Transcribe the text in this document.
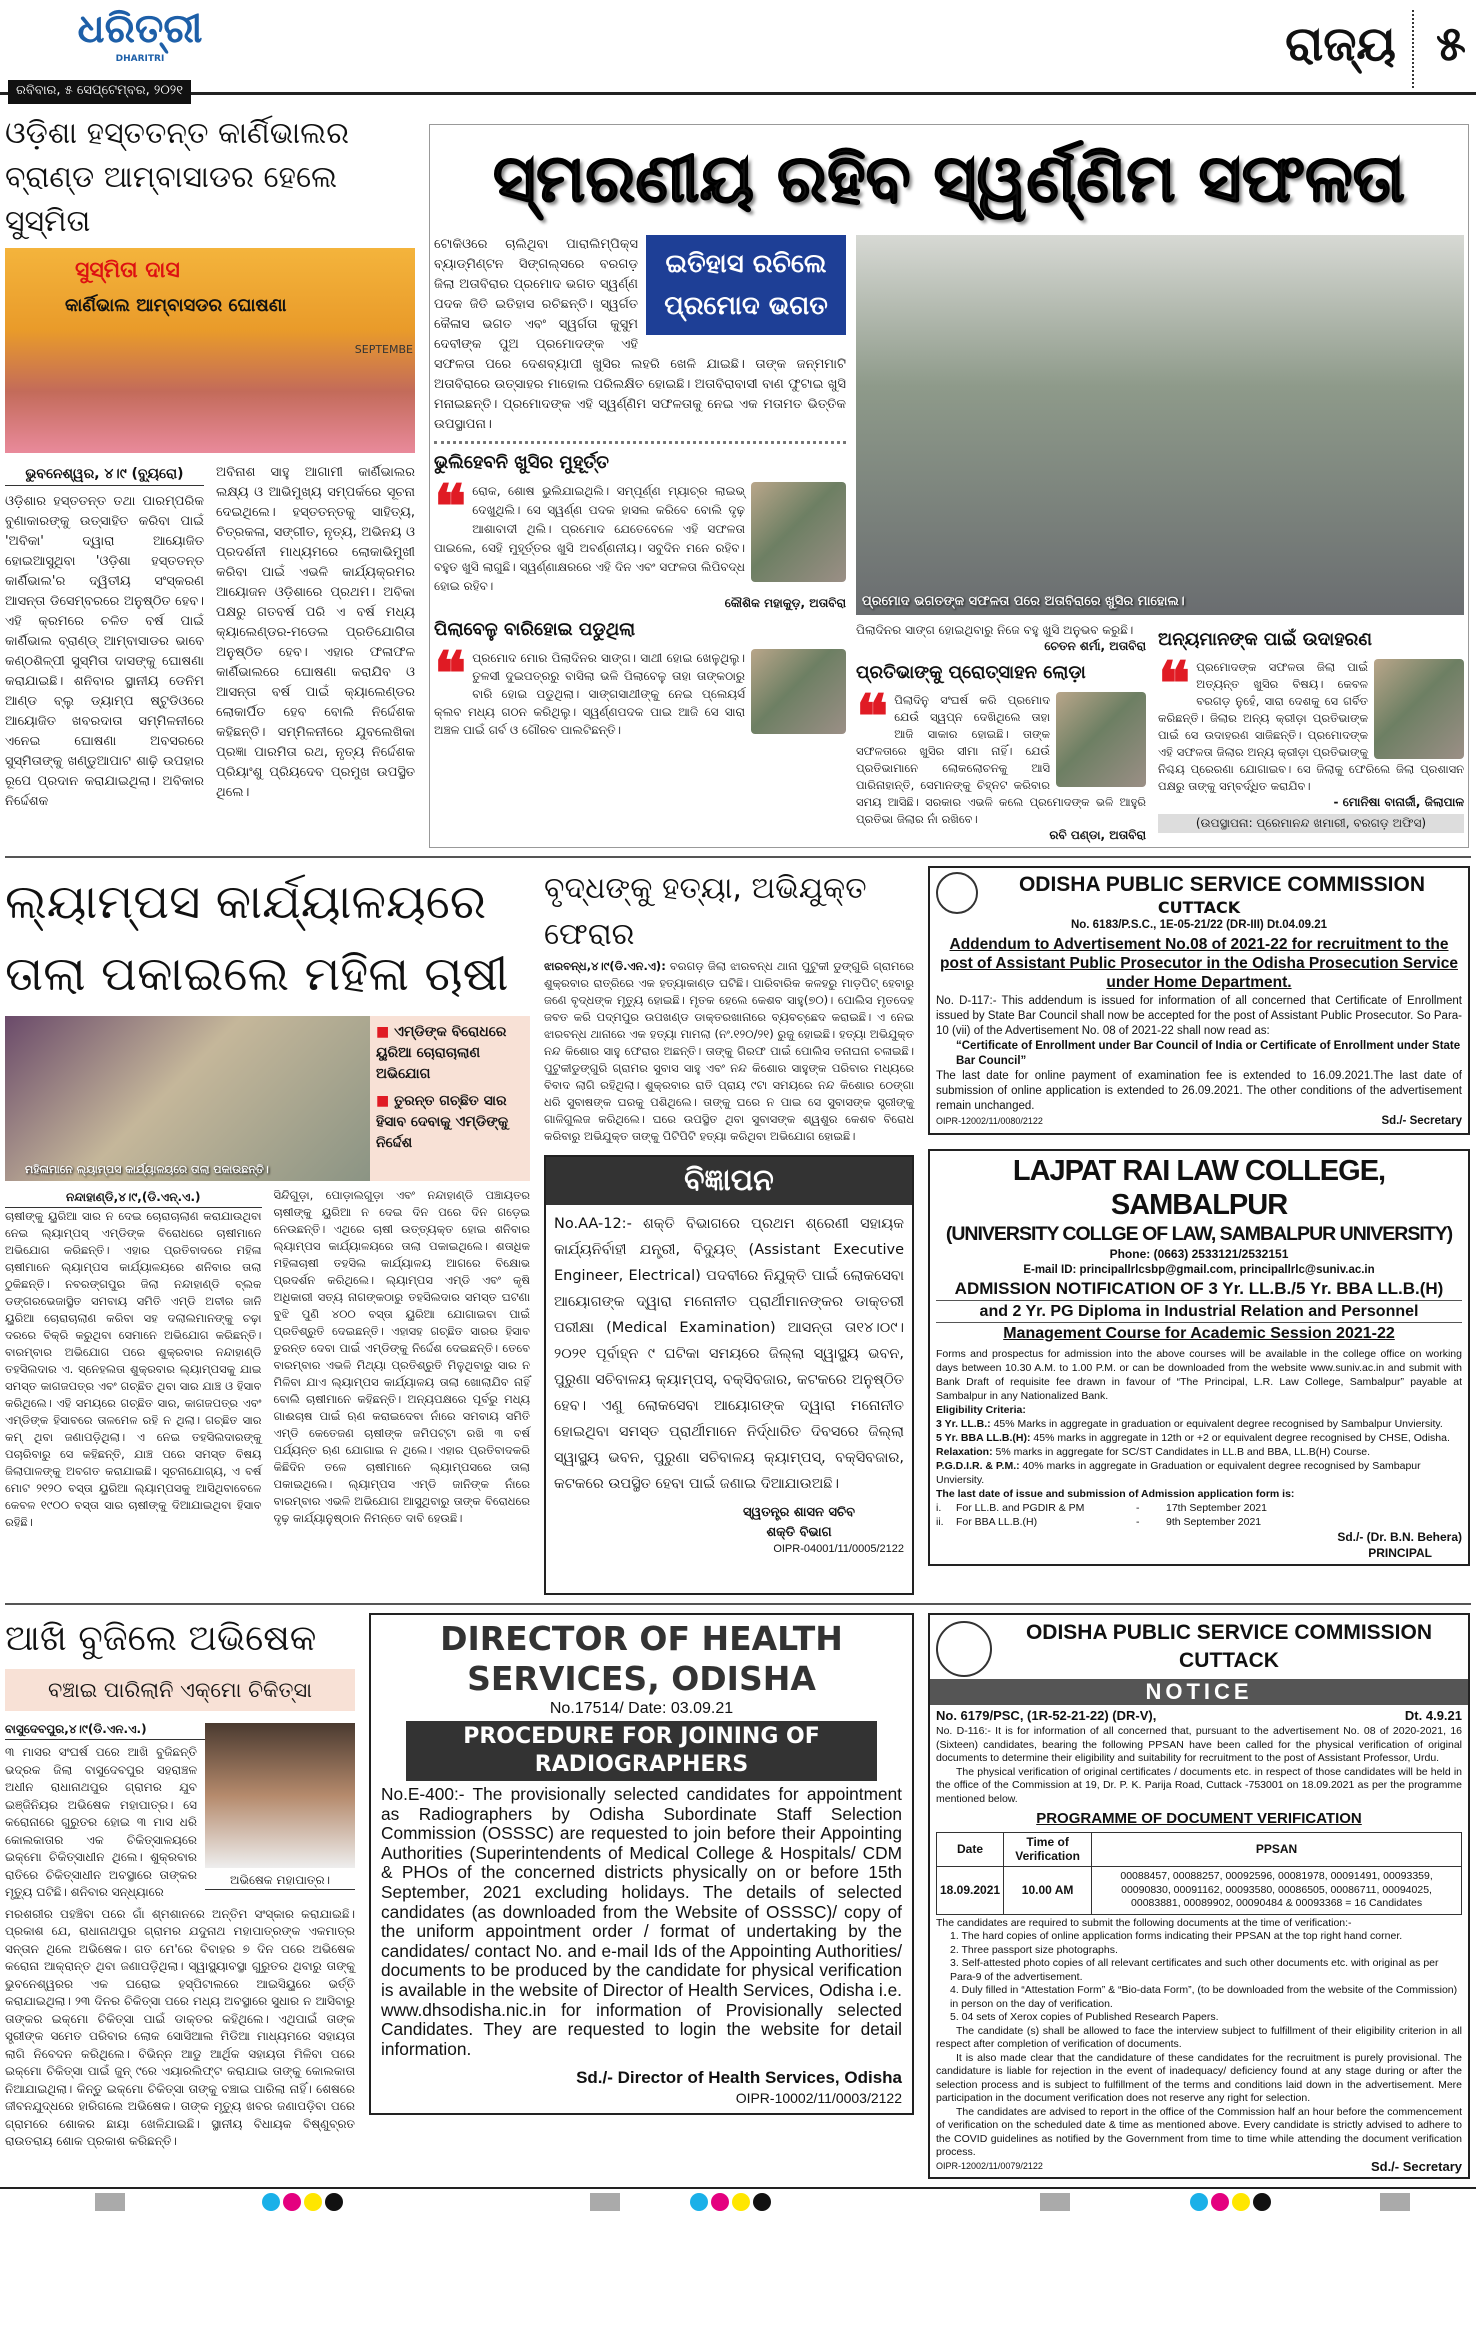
ଧରିତ୍ରୀ
DHARITRI
ରବିବାର, ୫ ସେପ୍ଟେମ୍ବର, ୨୦୨୧
ରାଜ୍ୟ ୫
ଓଡ଼ିଶା ହସ୍ତତନ୍ତ କାର୍ଣିଭାଲର ବ୍ରାଣ୍ଡ ଆମ୍ବାସାଡର ହେଲେ ସୁସ୍ମିତା
ସୁସ୍ମିତା ଦାସ
କାର୍ଣିଭାଲ ଆମ୍ବାସଡର ଘୋଷଣା
SEPTEMBE
ଭୁବନେଶ୍ୱର, ୪।୯ (ବ୍ୟୁରୋ)
ଓଡ଼ିଶାର ହସ୍ତତନ୍ତ ତଥା ପାରମ୍ପରିକ ବୁଣାକାରଙ୍କୁ ଉତ୍ସାହିତ କରିବା ପାଇଁ 'ଅବିକା' ଦ୍ୱାରା ଆୟୋଜିତ ହୋଇଆସୁଥିବା 'ଓଡ଼ିଶା ହସ୍ତତନ୍ତ କାର୍ଣିଭାଲ'ର ଦ୍ୱିତୀୟ ସଂସ୍କରଣ ଆସନ୍ତା ଡିସେମ୍ବରରେ ଅନୁଷ୍ଠିତ ହେବ। ଏହି କ୍ରମରେ ଚଳିତ ବର୍ଷ ପାଇଁ କାର୍ଣିଭାଲ ବ୍ରାଣ୍ଡ୍ ଆମ୍ବାସାଡର ଭାବେ କଣ୍ଠଶିଳ୍ପୀ ସୁସ୍ମିତା ଦାସଙ୍କୁ ଘୋଷଣା କରାଯାଇଛି। ଶନିବାର ସ୍ଥାନୀୟ ଡେନିମ ଆଣ୍ଡ ବ୍ଲୁ ଡ୍ୟାମ୍ପ ଷ୍ଟୁଡିଓରେ ଆୟୋଜିତ ଖବରଦାତା ସମ୍ମିଳନୀରେ ଏନେଇ ଘୋଷଣା ଅବସରରେ ସୁସ୍ମିତାଙ୍କୁ ଖଣ୍ଡୁଆପାଟ ଶାଢ଼ି ଉପହାର ରୂପେ ପ୍ରଦାନ କରାଯାଇଥିଲା। ଅବିକାର ନିର୍ଦ୍ଦେଶକ
ଅବିନାଶ ସାହୁ ଆଗାମୀ କାର୍ଣିଭାଲର ଲକ୍ଷ୍ୟ ଓ ଆଭିମୁଖ୍ୟ ସମ୍ପର୍କରେ ସୂଚନା ଦେଇଥିଲେ। ହସ୍ତତନ୍ତକୁ ସାହିତ୍ୟ, ଚିତ୍ରକଳା, ସଙ୍ଗୀତ, ନୃତ୍ୟ, ଅଭିନୟ ଓ ପ୍ରଦର୍ଶନୀ ମାଧ୍ୟମରେ ଲୋକାଭିମୁଖୀ କରିବା ପାଇଁ ଏଭଳି କାର୍ଯ୍ୟକ୍ରମର ଆୟୋଜନ ଓଡ଼ିଶାରେ ପ୍ରଥମ। ଅବିକା ପକ୍ଷରୁ ଗତବର୍ଷ ପରି ଏ ବର୍ଷ ମଧ୍ୟ କ୍ୟାଲେଣ୍ଡର-ମଡେଲ ପ୍ରତିଯୋଗିତା ଅନୁଷ୍ଠିତ ହେବ। ଏହାର ଫଳାଫଳ କାର୍ଣିଭାଲରେ ଘୋଷଣା କରାଯିବ ଓ ଆସନ୍ତା ବର୍ଷ ପାଇଁ କ୍ୟାଲେଣ୍ଡର ଲୋକାର୍ପିତ ହେବ ବୋଲି ନିର୍ଦ୍ଦେଶକ କହିଛନ୍ତି। ସମ୍ମିଳନୀରେ ଯୁବଲେଖିକା ପ୍ରଜ୍ଞା ପାରମିତା ରଥ, ନୃତ୍ୟ ନିର୍ଦ୍ଦେଶକ ପ୍ରିୟାଂଶୁ ପ୍ରିୟଦେବ ପ୍ରମୁଖ ଉପସ୍ଥିତ ଥିଲେ।
ସ୍ମରଣୀୟ ରହିବ ସ୍ୱର୍ଣ୍ଣିମ ସଫଳତା
ଇତିହାସ ରଚିଲେ ପ୍ରମୋଦ ଭଗତ
ଟୋକିଓରେ ଚାଲିଥିବା ପାରାଲିମ୍ପିକ୍ସ ବ୍ୟାଡ୍‌ମିଣ୍ଟନ ସିଙ୍ଗଲ୍ସରେ ବରଗଡ଼ ଜିଲା ଅତାବିରାର ପ୍ରମୋଦ ଭଗତ ସ୍ୱର୍ଣ୍ଣ ପଦକ ଜିତି ଇତିହାସ ରଚିଛନ୍ତି। ସ୍ୱର୍ଗତ କୈଳାସ ଭଗତ ଏବଂ ସ୍ୱର୍ଗତା କୁସୁମ ଦେବୀଙ୍କ ପୁଅ ପ୍ରମୋଦଙ୍କ ଏହି ସଫଳତା ପରେ ଦେଶବ୍ୟାପୀ ଖୁସିର ଲହରି ଖେଳି ଯାଇଛି। ତାଙ୍କ ଜନ୍ମମାଟି ଅତାବିରାରେ ଉତ୍ସାହର ମାହୋଲ ପରିଲକ୍ଷିତ ହୋଇଛି। ଅତାବିରାବାସୀ ବାଣ ଫୁଟାଇ ଖୁସି ମନାଇଛନ୍ତି। ପ୍ରମୋଦଙ୍କ ଏହି ସ୍ୱର୍ଣ୍ଣିମ ସଫଳତାକୁ ନେଇ ଏକ ମତାମତ ଭିତ୍ତିକ ଉପସ୍ଥାପନା।
ଭୁଲିହେବନି ଖୁସିର ମୁହୂର୍ତ୍ତ
❝ ରୋକ, ଶୋଷ ଭୁଲିଯାଇଥିଲି। ସମ୍ପୂର୍ଣ୍ଣ ମ୍ୟାଚ୍‌ର ଲାଇଭ୍ ଦେଖୁଥିଲି। ସେ ସ୍ୱର୍ଣ୍ଣ ପଦକ ହାସଲ କରିବେ ବୋଲି ଦୃଢ଼ ଆଶାବାଦୀ ଥିଲି। ପ୍ରମୋଦ ଯେତେବେଳେ ଏହି ସଫଳତା ପାଇଲେ, ସେହି ମୁହୂର୍ତ୍ତର ଖୁସି ଅବର୍ଣ୍ଣନୀୟ। ସବୁଦିନ ମନେ ରହିବ। ବହୁତ ଖୁସି ଲାଗୁଛି। ସ୍ୱର୍ଣ୍ଣାକ୍ଷରରେ ଏହି ଦିନ ଏବଂ ସଫଳତା ଲିପିବଦ୍ଧ ହୋଇ ରହିବ।
କୌଶିକ ମହାକୁଡ଼, ଅତାବିରା
ପିଲାବେଳୁ ବାରିହୋଇ ପଡୁଥିଲା
❝ ପ୍ରମୋଦ ମୋର ପିଲାଦିନର ସାଙ୍ଗ। ସାଥୀ ହୋଇ ଖେଳୁଥିଲୁ। ତୁଳସୀ ଦୁଇପତ୍ରରୁ ବାସିଲା ଭଳି ପିଲାବେଳୁ ତାହା ତାଙ୍କଠାରୁ ବାରି ହୋଇ ପଡୁଥିଲା। ସାଙ୍ଗସାଥୀଙ୍କୁ ନେଇ ପ୍ଲେୟର୍ସ କ୍ଲବ ମଧ୍ୟ ଗଠନ କରିଥିଲୁ। ସ୍ୱର୍ଣ୍ଣପଦକ ପାଇ ଆଜି ସେ ସାରା ଅଞ୍ଚଳ ପାଇଁ ଗର୍ବ ଓ ଗୌରବ ପାଲଟିଛନ୍ତି।
ପ୍ରମୋଦ ଭଗତଙ୍କ ସଫଳତା ପରେ ଅତାବିରାରେ ଖୁସିର ମାହୋଲ।
ପିଲାଦିନର ସାଙ୍ଗ ହୋଇଥିବାରୁ ନିଜେ ବହୁ ଖୁସି ଅନୁଭବ କରୁଛି।
ଚେତନ ଶର୍ମା, ଅତାବିରା
ପ୍ରତିଭାଙ୍କୁ ପ୍ରୋତ୍ସାହନ ଲୋଡ଼ା
❝ ପିଲାଦିନୁ ସଂଘର୍ଷ କରି ପ୍ରମୋଦ ଯେଉଁ ସ୍ୱପ୍ନ ଦେଖିଥିଲେ ତାହା ଆଜି ସାକାର ହୋଇଛି। ତାଙ୍କ ସଫଳତାରେ ଖୁସିର ସୀମା ନାହିଁ। ଯେଉଁ ପ୍ରତିଭାମାନେ ଲୋକଲୋଚନକୁ ଆସି ପାରିନାହାନ୍ତି, ସେମାନଙ୍କୁ ଚିହ୍ନଟ କରିବାର ସମୟ ଆସିଛି। ସରକାର ଏଭଳି କଲେ ପ୍ରମୋଦଙ୍କ ଭଳି ଆହୁରି ପ୍ରତିଭା ଜିଲାର ନାଁ ରଖିବେ।
ରବି ପଣ୍ଡା, ଅତାବିରା
ଅନ୍ୟମାନଙ୍କ ପାଇଁ ଉଦାହରଣ
❝ ପ୍ରମୋଦଙ୍କ ସଫଳତା ଜିଲା ପାଇଁ ଅତ୍ୟନ୍ତ ଖୁସିର ବିଷୟ। କେବଳ ବରଗଡ଼ ନୁହେଁ, ସାରା ଦେଶକୁ ସେ ଗର୍ବିତ କରିଛନ୍ତି। ଜିଲାର ଅନ୍ୟ କ୍ରୀଡ଼ା ପ୍ରତିଭାଙ୍କ ପାଇଁ ସେ ଉଦାହରଣ ସାଜିଛନ୍ତି। ପ୍ରମୋଦଙ୍କ ଏହି ସଫଳତା ଜିଲାର ଅନ୍ୟ କ୍ରୀଡ଼ା ପ୍ରତିଭାଙ୍କୁ ନିଶ୍ଚୟ ପ୍ରେରଣା ଯୋଗାଇବ। ସେ ଜିଲାକୁ ଫେରିଲେ ଜିଲା ପ୍ରଶାସନ ପକ୍ଷରୁ ତାଙ୍କୁ ସମ୍ବର୍ଦ୍ଧିତ କରାଯିବ।
- ମୋନିଷା ବାନାର୍ଜୀ, ଜିଲାପାଳ
(ଉପସ୍ଥାପନା: ପ୍ରେମାନନ୍ଦ ଖମାରୀ, ବରଗଡ଼ ଅଫିସ)
ଲ୍ୟାମ୍ପସ କାର୍ଯ୍ୟାଳୟରେ ତାଲା ପକାଇଲେ ମହିଳା ଚାଷୀ
ମହିଳାମାନେ ଲ୍ୟାମ୍ପସ କାର୍ଯ୍ୟାଳୟରେ ତାଲା ପକାଉଛନ୍ତି।
■ ଏମ୍‌ଡିଙ୍କ ବିରୋଧରେ ୟୁରିଆ ଚୋରାଚାଲାଣ ଅଭିଯୋଗ
■ ତୁରନ୍ତ ଗଚ୍ଛିତ ସାର ହିସାବ ଦେବାକୁ ଏମ୍‌ଡିଙ୍କୁ ନିର୍ଦ୍ଦେଶ
ନନ୍ଦାହାଣ୍ଡି,୪।୯,(ଡି.ଏନ୍.ଏ.)
ଚାଷୀଙ୍କୁ ୟୁରିଆ ସାର ନ ଦେଇ ଚୋରାଚାଲାଣ କରାଯାଉଥିବା ନେଇ ଲ୍ୟାମ୍ପସ୍ ଏମ୍‌ଡିଙ୍କ ବିରୋଧରେ ଚାଷୀମାନେ ଅଭିଯୋଗ କରିଛନ୍ତି। ଏହାର ପ୍ରତିବାଦରେ ମହିଳା ଚାଷୀମାନେ ଲ୍ୟାମ୍ପସ କାର୍ଯ୍ୟାଳୟରେ ଶନିବାର ତାଲା ଠୁକିଛନ୍ତି। ନବରଙ୍ଗପୁର ଜିଲା ନନ୍ଦାହାଣ୍ଡି ବ୍ଲକ ଡଙ୍ଗରଭେଜାସ୍ଥିତ ସମବାୟ ସମିତି ଏମ୍‌ଡି ଅବୀର ଜାନି ୟୁରିଆ ଚୋରାଚାଲାଣ କରିବା ସହ ଦଲାଲମାନଙ୍କୁ ଚଢ଼ା ଦରରେ ବିକ୍ରି କରୁଥିବା ସେମାନେ ଅଭିଯୋଗ କରିଛନ୍ତି। ବାରମ୍ବାର ଅଭିଯୋଗ ପରେ ଶୁକ୍ରବାର ନନ୍ଦାହାଣ୍ଡି ତହସିଲଦାର ଏ. ସ୍ନେହଲତା ଶୁକ୍ରବାର ଲ୍ୟାମ୍ପସକୁ ଯାଇ ସମସ୍ତ କାଗଜପତ୍ର ଏବଂ ଗଚ୍ଛିତ ଥିବା ସାର ଯାଞ୍ଚ ଓ ହିସାବ କରିଥିଲେ। ଏହି ସମୟରେ ଗଚ୍ଛିତ ସାର, କାଗଜପତ୍ର ଏବଂ ଏମ୍‌ଡିଙ୍କ ହିସାବରେ ତାଳମେଳ ରହି ନ ଥିଲା। ଗଚ୍ଛିତ ସାର କମ୍ ଥିବା ଜଣାପଡ଼ିଥିଲା। ଏ ନେଇ ତହସିଲଦାରଙ୍କୁ ପଚାରିବାରୁ ସେ କହିଛନ୍ତି, ଯାଞ୍ଚ ପରେ ସମସ୍ତ ବିଷୟ ଜିଲାପାଳଙ୍କୁ ଅବଗତ କରାଯାଇଛି। ସୂଚନାଯୋଗ୍ୟ, ଏ ବର୍ଷ ମୋଟ ୨୧୨୦ ବସ୍ତା ୟୁରିଆ ଲ୍ୟାମ୍ପସକୁ ଆସିଥିବାବେଳେ କେବଳ ୧୯୦୦ ବସ୍ତା ସାର ଚାଷୀଙ୍କୁ ଦିଆଯାଇଥିବା ହିସାବ ରହିଛି।
ସିନ୍ଦିଗୁଡ଼ା, ପୋଡ଼ାଲଗୁଡ଼ା ଏବଂ ନନ୍ଦାହାଣ୍ଡି ପଞ୍ଚାୟତର ଚାଷୀଙ୍କୁ ୟୁରିଆ ନ ଦେଇ ଦିନ ପରେ ଦିନ ଗଡ଼େଇ ନେଉଛନ୍ତି। ଏଥିରେ ଚାଷୀ ଉତ୍ତ୍ୟକ୍ତ ହୋଇ ଶନିବାର ଲ୍ୟାମ୍ପସ କାର୍ଯ୍ୟାଳୟରେ ତାଲା ପକାଇଥିଲେ। ଶତାଧିକ ମହିଳାଚାଷୀ ତହସିଲ କାର୍ଯ୍ୟାଳୟ ଆଗରେ ବିକ୍ଷୋଭ ପ୍ରଦର୍ଶନ କରିଥିଲେ। ଲ୍ୟାମ୍ପସ ଏମ୍‌ଡି ଏବଂ କୃଷି ଅଧିକାରୀ ସତ୍ୟ ନାଗଙ୍କଠାରୁ ତହସିଲଦାର ସମସ୍ତ ଘଟଣା ବୁଝି ପୁଣି ୪୦୦ ବସ୍ତା ୟୁରିଆ ଯୋଗାଇବା ପାଇଁ ପ୍ରତିଶ୍ରୁତି ଦେଇଛନ୍ତି। ଏହାସହ ଗଚ୍ଛିତ ସାରର ହିସାବ ତୁରନ୍ତ ଦେବା ପାଇଁ ଏମ୍‌ଡିଙ୍କୁ ନିର୍ଦ୍ଦେଶ ଦେଇଛନ୍ତି। ତେବେ ବାରମ୍ବାର ଏଭଳି ମିଥ୍ୟା ପ୍ରତିଶ୍ରୁତି ମିଳୁଥିବାରୁ ସାର ନ ମିଳିବା ଯାଏ ଲ୍ୟାମ୍ପସ କାର୍ଯ୍ୟାଳୟ ତାଲା ଖୋଲାଯିବ ନାହିଁ ବୋଲି ଚାଷୀମାନେ କହିଛନ୍ତି। ଅନ୍ୟପକ୍ଷରେ ପୂର୍ବରୁ ମଧ୍ୟ ଗାଈଚାଷ ପାଇଁ ଋଣ କରାଇଦେବା ନାଁରେ ସମବାୟ ସମିତି ଏମ୍‌ଡି କେତେଜଣ ଚାଷୀଙ୍କ ଜମିପଟ୍ଟା ରଖି ୩ ବର୍ଷ ପର୍ଯ୍ୟନ୍ତ ଋଣ ଯୋଗାଇ ନ ଥିଲେ। ଏହାର ପ୍ରତିବାଦକରି କିଛିଦିନ ତଳେ ଚାଷୀମାନେ ଲ୍ୟାମ୍ପସରେ ତାଲା ପକାଇଥିଲେ। ଲ୍ୟାମ୍ପସ ଏମ୍‌ଡି ଜାନିଙ୍କ ନାଁରେ ବାରମ୍ବାର ଏଭଳି ଅଭିଯୋଗ ଆସୁଥିବାରୁ ତାଙ୍କ ବିରୋଧରେ ଦୃଢ଼ କାର୍ଯ୍ୟାନୁଷ୍ଠାନ ନିମନ୍ତେ ଦାବି ହେଉଛି।
ବୃଦ୍ଧଙ୍କୁ ହତ୍ୟା, ଅଭିଯୁକ୍ତ ଫେରାର
ଝାରବନ୍ଧ,୪।୯(ଡି.ଏନ.ଏ): ବରଗଡ଼ ଜିଲା ଝାରବନ୍ଧ ଥାନା ପୁଟୁକୀ ଡୁଙ୍ଗୁରି ଗ୍ରାମରେ ଶୁକ୍ରବାର ରାତ୍ରିରେ ଏକ ହତ୍ୟାକାଣ୍ଡ ଘଟିଛି। ପାରିବାରିକ କଳହରୁ ମାଡ଼ପିଟ୍ ହେବାରୁ ଜଣେ ବୃଦ୍ଧଙ୍କ ମୃତ୍ୟୁ ହୋଇଛି। ମୃତକ ହେଲେ କେଶବ ସାହୁ(୭୦)। ପୋଲିସ ମୃତଦେହ ଜବତ କରି ପଦ୍ମପୁର ଉପଖଣ୍ଡ ଡାକ୍ତରଖାନାରେ ବ୍ୟବଚ୍ଛେଦ କରାଇଛି। ଏ ନେଇ ଝାରବନ୍ଧ ଥାନାରେ ଏକ ହତ୍ୟା ମାମଲା (ନଂ.୧୨୦/୨୧) ରୁଜୁ ହୋଇଛି। ହତ୍ୟା ଅଭିଯୁକ୍ତ ନନ୍ଦ କିଶୋର ସାହୁ ଫେରାର ଅଛନ୍ତି। ତାଙ୍କୁ ଗିରଫ ପାଇଁ ପୋଲିସ ତନାଘନା ଚଳାଇଛି। ପୁଟୁକୀଡୁଙ୍ଗୁରି ଗ୍ରାମର ସୁବାସ ସାହୁ ଏବଂ ନନ୍ଦ କିଶୋର ସାହୁଙ୍କ ପରିବାର ମଧ୍ୟରେ ବିବାଦ ଲାଗି ରହିଥିଲା। ଶୁକ୍ରବାର ରାତି ପ୍ରାୟ ୯ଟା ସମୟରେ ନନ୍ଦ କିଶୋର ଠେଙ୍ଗା ଧରି ସୁବାଷଙ୍କ ଘରକୁ ପଶିଥିଲେ। ତାଙ୍କୁ ଘରେ ନ ପାଇ ସେ ସୁବାସଙ୍କ ସ୍ତ୍ରୀଙ୍କୁ ଗାଳିଗୁଲଜ କରିଥିଲେ। ଘରେ ଉପସ୍ଥିତ ଥିବା ସୁବାସଙ୍କ ଶ୍ୱଶୁର କେଶବ ବିରୋଧ କରିବାରୁ ଅଭିଯୁକ୍ତ ତାଙ୍କୁ ପିଟିପିଟି ହତ୍ୟା କରିଥିବା ଅଭିଯୋଗ ହୋଇଛି।
ବିଜ୍ଞାପନ
No.AA-12:- ଶକ୍ତି ବିଭାଗରେ ପ୍ରଥମ ଶ୍ରେଣୀ ସହାୟକ କାର୍ଯ୍ୟନିର୍ବାହୀ ଯନ୍ତ୍ରୀ, ବିଦ୍ୟୁତ୍ (Assistant Executive Engineer, Electrical) ପଦବୀରେ ନିଯୁକ୍ତି ପାଇଁ ଲୋକସେବା ଆୟୋଗଙ୍କ ଦ୍ୱାରା ମନୋନୀତ ପ୍ରାର୍ଥୀମାନଙ୍କର ଡାକ୍ତରୀ ପରୀକ୍ଷା (Medical Examination) ଆସନ୍ତା ତା୧୪।୦୯।୨୦୨୧ ପୂର୍ବାହ୍ନ ୯ ଘଟିକା ସମୟରେ ଜିଲ୍ଲା ସ୍ୱାସ୍ଥ୍ୟ ଭବନ, ପୁରୁଣା ସଚିବାଳୟ କ୍ୟାମ୍ପସ୍, ବକ୍ସିବଜାର, କଟକରେ ଅନୁଷ୍ଠିତ ହେବ। ଏଣୁ ଲୋକସେବା ଆୟୋଗଙ୍କ ଦ୍ୱାରା ମନୋନୀତ ହୋଇଥିବା ସମସ୍ତ ପ୍ରାର୍ଥୀମାନେ ନିର୍ଦ୍ଧାରିତ ଦିବସରେ ଜିଲ୍ଲା ସ୍ୱାସ୍ଥ୍ୟ ଭବନ, ପୁରୁଣା ସଚିବାଳୟ କ୍ୟାମ୍ପସ୍, ବକ୍ସିବଜାର, କଟକରେ ଉପସ୍ଥିତ ହେବା ପାଇଁ ଜଣାଇ ଦିଆଯାଉଅଛି।
ସ୍ୱତନ୍ତ୍ର ଶାସନ ସଚିବ
ଶକ୍ତି ବିଭାଗ
OIPR-04001/11/0005/2122
ODISHA PUBLIC SERVICE COMMISSION
CUTTACK
No. 6183/P.S.C., 1E-05-21/22 (DR-III) Dt.04.09.21
Addendum to Advertisement No.08 of 2021-22 for recruitment to the post of Assistant Public Prosecutor in the Odisha Prosecution Service under Home Department.
No. D-117:- This addendum is issued for information of all concerned that Certificate of Enrollment issued by State Bar Council shall now be accepted for the post of Assistant Public Prosecutor. So Para-10 (vii) of the Advertisement No. 08 of 2021-22 shall now read as:
“Certificate of Enrollment under Bar Council of India or Certificate of Enrollment under State Bar Council”
The last date for online payment of examination fee is extended to 16.09.2021.The last date of submission of online application is extended to 26.09.2021. The other conditions of the advertisement remain unchanged.
OIPR-12002/11/0080/2122	Sd./- Secretary
LAJPAT RAI LAW COLLEGE, SAMBALPUR
(UNIVERSITY COLLGE OF LAW, SAMBALPUR UNIVERSITY)
Phone: (0663) 2533121/2532151
E-mail ID: principallrlcsbp@gmail.com, principallrlc@suniv.ac.in
ADMISSION NOTIFICATION OF 3 Yr. LL.B./5 Yr. BBA LL.B.(H)
and 2 Yr. PG Diploma in Industrial Relation and Personnel
Management Course for Academic Session 2021-22
Forms and prospectus for admission into the above courses will be available in the college office on working days between 10.30 A.M. to 1.00 P.M. or can be downloaded from the website www.suniv.ac.in and submit with Bank Draft of requisite fee drawn in favour of “The Principal, L.R. Law College, Sambalpur” payable at Sambalpur in any Nationalized Bank.
Eligibility Criteria:
3 Yr. LL.B.: 45% Marks in aggregate in graduation or equivalent degree recognised by Sambalpur Unviersity.
5 Yr. BBA LL.B.(H): 45% marks in aggregate in 12th or +2 or equivalent degree recognised by CHSE, Odisha.
Relaxation: 5% marks in aggregate for SC/ST Candidates in LL.B and BBA, LL.B(H) Course.
P.G.D.I.R. & P.M.: 40% marks in aggregate in Graduation or equivalent degree recognised by Sambapur Unviersity.
The last date of issue and submission of Admission application form is:
i.	For LL.B. and PGDIR & PM	-	17th September 2021
ii.	For BBA LL.B.(H)	-	9th September 2021
Sd./- (Dr. B.N. Behera)
PRINCIPAL
ଆଖି ବୁଜିଲେ ଅଭିଷେକ
ବଞ୍ଚାଇ ପାରିଲାନି ଏକ୍‌ମୋ ଚିକିତ୍ସା
ଅଭିଷେକ ମହାପାତ୍ର।
ବାସୁଦେବପୁର,୪।୯(ଡି.ଏନ.ଏ.)
୩ ମାସର ସଂଘର୍ଷ ପରେ ଆଖି ବୁଜିଛନ୍ତି ଭଦ୍ରକ ଜିଲା ବାସୁଦେବପୁର ସହରାଞ୍ଚଳ ଅଧୀନ ରାଧାନାଥପୁର ଗ୍ରାମର ଯୁବ ଇଞ୍ଜିନିୟର ଅଭିଷେକ ମହାପାତ୍ର। ସେ କରୋନାରେ ଗୁରୁତର ହୋଇ ୩ ମାସ ଧରି କୋଲକାତାର ଏକ ଚିକିତ୍ସାଳୟରେ ଇକ୍‌ମୋ ଚିକିତ୍ସାଧୀନ ଥିଲେ। ଶୁକ୍ରବାର ରାତିରେ ଚିକିତ୍ସାଧୀନ ଅବସ୍ଥାରେ ତାଙ୍କର ମୃତ୍ୟୁ ଘଟିଛି। ଶନିବାର ସନ୍ଧ୍ୟାରେ
ମରଶରୀର ପହଞ୍ଚିବା ପରେ ଗାଁ ଶ୍ମଶାନରେ ଅନ୍ତିମ ସଂସ୍କାର କରାଯାଇଛି। ପ୍ରକାଶ ଯେ, ରାଧାନାଥପୁର ଗ୍ରାମର ଯଦୁନାଥ ମହାପାତ୍ରଙ୍କ ଏକମାତ୍ର ସନ୍ତାନ ଥିଲେ ଅଭିଷେକ। ଗତ ମେ'ରେ ବିବାହର ୭ ଦିନ ପରେ ଅଭିଷେକ କରୋନା ଆକ୍ରାନ୍ତ ଥିବା ଜଣାପଡ଼ିଥିଲା। ସ୍ୱାସ୍ଥ୍ୟାବସ୍ଥା ଗୁରୁତର ଥିବାରୁ ତାଙ୍କୁ ଭୁବନେଶ୍ୱରର ଏକ ଘରୋଇ ହସ୍ପିଟାଲରେ ଆଇସିୟୁରେ ଭର୍ତ୍ତି କରାଯାଇଥିଲା। ୨୩ ଦିନର ଚିକିତ୍ସା ପରେ ମଧ୍ୟ ଅବସ୍ଥାରେ ସୁଧାର ନ ଆସିବାରୁ ତାଙ୍କର ଇକ୍‌ମୋ ଚିକିତ୍ସା ପାଇଁ ଡାକ୍ତର କହିଥିଲେ। ଏଥିପାଇଁ ତାଙ୍କ ସ୍ତ୍ରୀଙ୍କ ସମେତ ପରିବାର ଲୋକ ସୋସିଆଲ ମିଡିଆ ମାଧ୍ୟମରେ ସହାୟତା ଲାଗି ନିବେଦନ କରିଥିଲେ। ବିଭିନ୍ନ ଆଡୁ ଆର୍ଥିକ ସହାୟତା ମିଳିବା ପରେ ଇକ୍‌ମୋ ଚିକିତ୍ସା ପାଇଁ ଜୁନ୍ ୯ରେ ଏୟାରଲିଫ୍ଟ କରାଯାଇ ତାଙ୍କୁ କୋଲକାତା ନିଆଯାଇଥିଲା। କିନ୍ତୁ ଇକ୍‌ମୋ ଚିକିତ୍ସା ତାଙ୍କୁ ବଞ୍ଚାଇ ପାରିଲା ନାହିଁ। ଶେଷରେ ଜୀବନଯୁଦ୍ଧରେ ହାରିଗଲେ ଅଭିଷେକ। ତାଙ୍କ ମୃତ୍ୟୁ ଖବର ଜଣାପଡ଼ିବା ପରେ ଗ୍ରାମରେ ଶୋକର ଛାୟା ଖେଳିଯାଇଛି। ସ୍ଥାନୀୟ ବିଧାୟକ ବିଷ୍ଣୁବ୍ରତ ରାଉତରାୟ ଶୋକ ପ୍ରକାଶ କରିଛନ୍ତି।
DIRECTOR OF HEALTH SERVICES, ODISHA
No.17514/ Date: 03.09.21
PROCEDURE FOR JOINING OF RADIOGRAPHERS
No.E-400:- The provisionally selected candidates for appointment as Radiographers by Odisha Subordinate Staff Selection Commission (OSSSC) are requested to join before their Appointing Authorities (Superintendents of Medical College & Hospitals/ CDM & PHOs of the concerned districts physically on or before 15th September, 2021 excluding holidays. The details of selected candidates (as downloaded from the Website of OSSSC)/ copy of the uniform appointment order / format of undertaking by the candidates/ contact No. and e-mail Ids of the Appointing Authorities/ documents to be produced by the candidate for physical verification is available in the website of Director of Health Services, Odisha i.e. www.dhsodisha.nic.in for information of Provisionally selected Candidates. They are requested to login the website for detail information.
Sd./- Director of Health Services, Odisha
OIPR-10002/11/0003/2122
ODISHA PUBLIC SERVICE COMMISSION
CUTTACK
NOTICE
No. 6179/PSC, (1R-52-21-22) (DR-V),	Dt. 4.9.21
No. D-116:- It is for information of all concerned that, pursuant to the advertisement No. 08 of 2020-2021, 16 (Sixteen) candidates, bearing the following PPSAN have been called for the physical verification of original documents to determine their eligibility and suitability for recruitment to the post of Assistant Professor, Urdu.
The physical verification of original certificates / documents etc. in respect of those candidates will be held in the office of the Commission at 19, Dr. P. K. Parija Road, Cuttack -753001 on 18.09.2021 as per the programme mentioned below.
PROGRAMME OF DOCUMENT VERIFICATION
Date	Time of Verification	PPSAN
18.09.2021	10.00 AM	00088457, 00088257, 00092596, 00081978, 00091491, 00093359, 00090830, 00091162, 00093580, 00086505, 00086711, 00094025, 00083881, 00089902, 00090484 & 00093368 = 16 Candidates
The candidates are required to submit the following documents at the time of verification:-
1. The hard copies of online application forms indicating their PPSAN at the top right hand corner.
2. Three passport size photographs.
3. Self-attested photo copies of all relevant certificates and such other documents etc. with original as per Para-9 of the advertisement.
4. Duly filled in “Attestation Form” & “Bio-data Form”, (to be downloaded from the website of the Commission) in person on the day of verification.
5. 04 sets of Xerox copies of Published Research Papers.
The candidate (s) shall be allowed to face the interview subject to fulfillment of their eligibility criterion in all respect after completion of verification of documents.
It is also made clear that the candidature of these candidates for the recruitment is purely provisional. The candidature is liable for rejection in the event of inadequacy/ deficiency found at any stage during or after the selection process and is subject to fulfillment of the terms and conditions laid down in the advertisement. Mere participation in the document verification does not reserve any right for selection.
The candidates are advised to report in the office of the Commission half an hour before the commencement of verification on the scheduled date & time as mentioned above. Every candidate is strictly advised to adhere to the COVID guidelines as notified by the Government from time to time while attending the document verification process.
OIPR-12002/11/0079/2122	Sd./- Secretary
